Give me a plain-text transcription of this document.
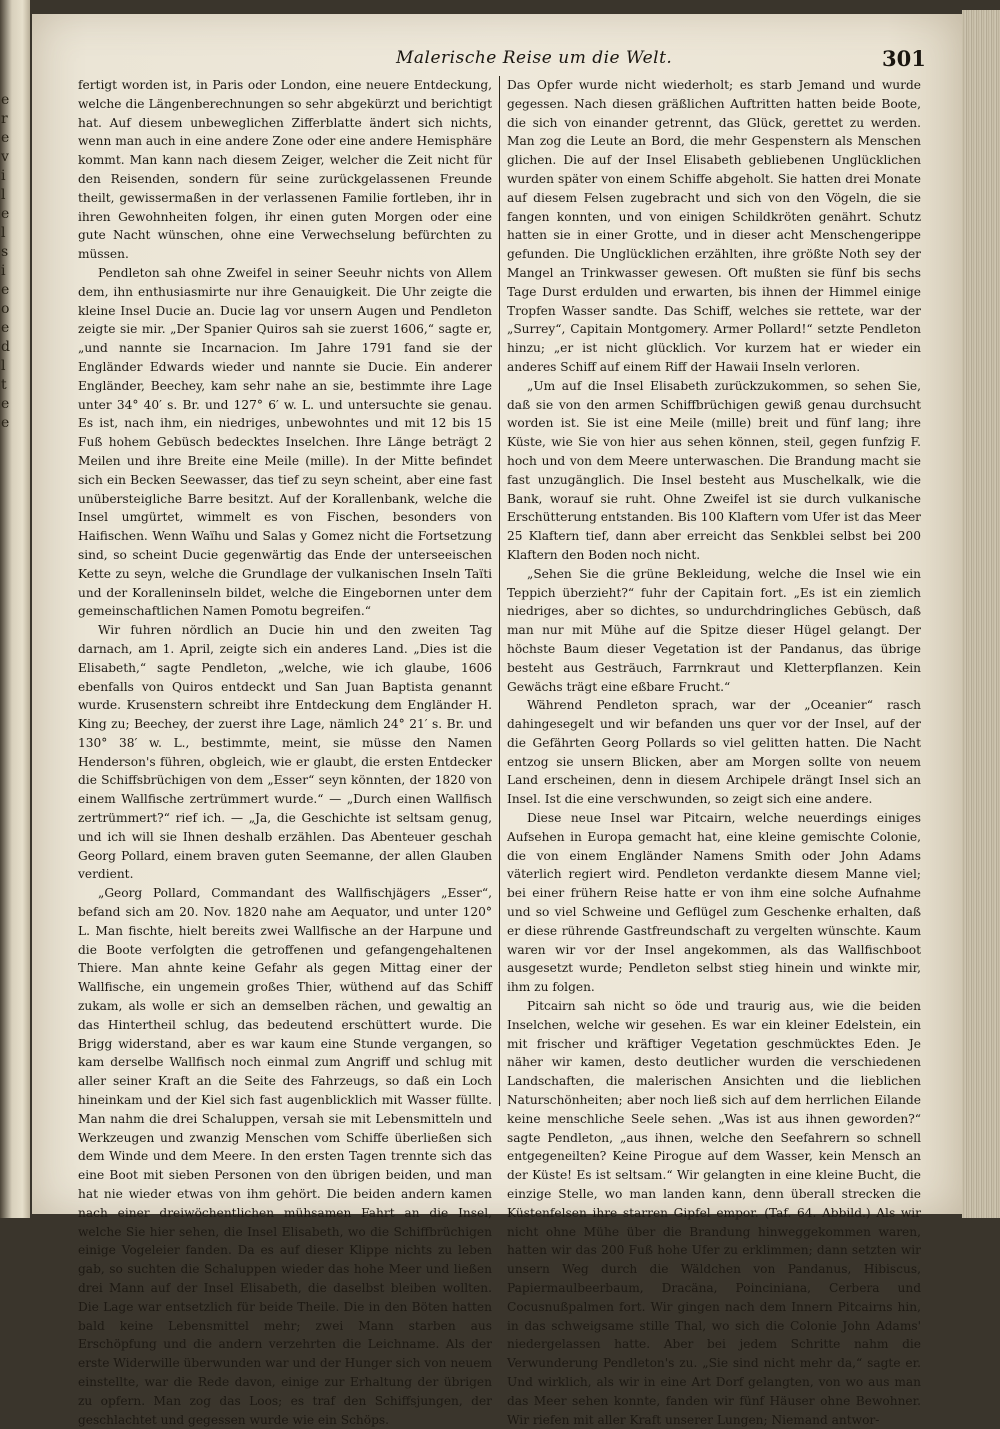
e
r
e
v
i
l
e
l
s
i
e
o
e
d
l
t
e
e
Malerische Reise um die Welt.	301

fertigt worden ist, in Paris oder London, eine neuere Entdeckung, welche die Längenberechnungen so sehr abgekürzt und berichtigt hat. Auf diesem unbeweglichen Zifferblatte ändert sich nichts, wenn man auch in eine andere Zone oder eine andere Hemisphäre kommt. Man kann nach diesem Zeiger, welcher die Zeit nicht für den Reisenden, sondern für seine zurückgelassenen Freunde theilt, gewissermaßen in der verlassenen Familie fortleben, ihr in ihren Gewohnheiten folgen, ihr einen guten Morgen oder eine gute Nacht wünschen, ohne eine Verwechselung befürchten zu müssen.

Pendleton sah ohne Zweifel in seiner Seeuhr nichts von Allem dem, ihn enthusiasmirte nur ihre Genauigkeit. Die Uhr zeigte die kleine Insel Ducie an. Ducie lag vor unsern Augen und Pendleton zeigte sie mir. „Der Spanier Quiros sah sie zuerst 1606,“ sagte er, „und nannte sie Incarnacion. Im Jahre 1791 fand sie der Engländer Edwards wieder und nannte sie Ducie. Ein anderer Engländer, Beechey, kam sehr nahe an sie, bestimmte ihre Lage unter 34° 40′ s. Br. und 127° 6′ w. L. und untersuchte sie genau. Es ist, nach ihm, ein niedriges, unbewohntes und mit 12 bis 15 Fuß hohem Gebüsch bedecktes Inselchen. Ihre Länge beträgt 2 Meilen und ihre Breite eine Meile (mille). In der Mitte befindet sich ein Becken Seewasser, das tief zu seyn scheint, aber eine fast unübersteigliche Barre besitzt. Auf der Korallenbank, welche die Insel umgürtet, wimmelt es von Fischen, besonders von Haifischen. Wenn Waïhu und Salas y Gomez nicht die Fortsetzung sind, so scheint Ducie gegenwärtig das Ende der unterseeischen Kette zu seyn, welche die Grundlage der vulkanischen Inseln Taïti und der Koralleninseln bildet, welche die Eingebornen unter dem gemeinschaftlichen Namen Pomotu begreifen.“

Wir fuhren nördlich an Ducie hin und den zweiten Tag darnach, am 1. April, zeigte sich ein anderes Land. „Dies ist die Elisabeth,“ sagte Pendleton, „welche, wie ich glaube, 1606 ebenfalls von Quiros entdeckt und San Juan Baptista genannt wurde. Krusenstern schreibt ihre Entdeckung dem Engländer H. King zu; Beechey, der zuerst ihre Lage, nämlich 24° 21′ s. Br. und 130° 38′ w. L., bestimmte, meint, sie müsse den Namen Henderson's führen, obgleich, wie er glaubt, die ersten Entdecker die Schiffsbrüchigen von dem „Esser“ seyn könnten, der 1820 von einem Wallfische zertrümmert wurde.“ — „Durch einen Wallfisch zertrümmert?“ rief ich. — „Ja, die Geschichte ist seltsam genug, und ich will sie Ihnen deshalb erzählen. Das Abenteuer geschah Georg Pollard, einem braven guten Seemanne, der allen Glauben verdient.

„Georg Pollard, Commandant des Wallfischjägers „Esser“, befand sich am 20. Nov. 1820 nahe am Aequator, und unter 120° L. Man fischte, hielt bereits zwei Wallfische an der Harpune und die Boote verfolgten die getroffenen und gefangengehaltenen Thiere. Man ahnte keine Gefahr als gegen Mittag einer der Wallfische, ein ungemein großes Thier, wüthend auf das Schiff zukam, als wolle er sich an demselben rächen, und gewaltig an das Hintertheil schlug, das bedeutend erschüttert wurde. Die Brigg widerstand, aber es war kaum eine Stunde vergangen, so kam derselbe Wallfisch noch einmal zum Angriff und schlug mit aller seiner Kraft an die Seite des Fahrzeugs, so daß ein Loch hineinkam und der Kiel sich fast augenblicklich mit Wasser füllte. Man nahm die drei Schaluppen, versah sie mit Lebensmitteln und Werkzeugen und zwanzig Menschen vom Schiffe überließen sich dem Winde und dem Meere. In den ersten Tagen trennte sich das eine Boot mit sieben Personen von den übrigen beiden, und man hat nie wieder etwas von ihm gehört. Die beiden andern kamen nach einer dreiwöchentlichen mühsamen Fahrt an die Insel, welche Sie hier sehen, die Insel Elisabeth, wo die Schiffbrüchigen einige Vogeleier fanden. Da es auf dieser Klippe nichts zu leben gab, so suchten die Schaluppen wieder das hohe Meer und ließen drei Mann auf der Insel Elisabeth, die daselbst bleiben wollten. Die Lage war entsetzlich für beide Theile. Die in den Böten hatten bald keine Lebensmittel mehr; zwei Mann starben aus Erschöpfung und die andern verzehrten die Leichname. Als der erste Widerwille überwunden war und der Hunger sich von neuem einstellte, war die Rede davon, einige zur Erhaltung der übrigen zu opfern. Man zog das Loos; es traf den Schiffsjungen, der geschlachtet und gegessen wurde wie ein Schöps.

Das Opfer wurde nicht wiederholt; es starb Jemand und wurde gegessen. Nach diesen gräßlichen Auftritten hatten beide Boote, die sich von einander getrennt, das Glück, gerettet zu werden. Man zog die Leute an Bord, die mehr Gespenstern als Menschen glichen. Die auf der Insel Elisabeth gebliebenen Unglücklichen wurden später von einem Schiffe abgeholt. Sie hatten drei Monate auf diesem Felsen zugebracht und sich von den Vögeln, die sie fangen konnten, und von einigen Schildkröten genährt. Schutz hatten sie in einer Grotte, und in dieser acht Menschengerippe gefunden. Die Unglücklichen erzählten, ihre größte Noth sey der Mangel an Trinkwasser gewesen. Oft mußten sie fünf bis sechs Tage Durst erdulden und erwarten, bis ihnen der Himmel einige Tropfen Wasser sandte. Das Schiff, welches sie rettete, war der „Surrey“, Capitain Montgomery. Armer Pollard!“ setzte Pendleton hinzu; „er ist nicht glücklich. Vor kurzem hat er wieder ein anderes Schiff auf einem Riff der Hawaii Inseln verloren.

„Um auf die Insel Elisabeth zurückzukommen, so sehen Sie, daß sie von den armen Schiffbrüchigen gewiß genau durchsucht worden ist. Sie ist eine Meile (mille) breit und fünf lang; ihre Küste, wie Sie von hier aus sehen können, steil, gegen funfzig F. hoch und von dem Meere unterwaschen. Die Brandung macht sie fast unzugänglich. Die Insel besteht aus Muschelkalk, wie die Bank, worauf sie ruht. Ohne Zweifel ist sie durch vulkanische Erschütterung entstanden. Bis 100 Klaftern vom Ufer ist das Meer 25 Klaftern tief, dann aber erreicht das Senkblei selbst bei 200 Klaftern den Boden noch nicht.

„Sehen Sie die grüne Bekleidung, welche die Insel wie ein Teppich überzieht?“ fuhr der Capitain fort. „Es ist ein ziemlich niedriges, aber so dichtes, so undurchdringliches Gebüsch, daß man nur mit Mühe auf die Spitze dieser Hügel gelangt. Der höchste Baum dieser Vegetation ist der Pandanus, das übrige besteht aus Gesträuch, Farrnkraut und Kletterpflanzen. Kein Gewächs trägt eine eßbare Frucht.“

Während Pendleton sprach, war der „Oceanier“ rasch dahingesegelt und wir befanden uns quer vor der Insel, auf der die Gefährten Georg Pollards so viel gelitten hatten. Die Nacht entzog sie unsern Blicken, aber am Morgen sollte von neuem Land erscheinen, denn in diesem Archipele drängt Insel sich an Insel. Ist die eine verschwunden, so zeigt sich eine andere.

Diese neue Insel war Pitcairn, welche neuerdings einiges Aufsehen in Europa gemacht hat, eine kleine gemischte Colonie, die von einem Engländer Namens Smith oder John Adams väterlich regiert wird. Pendleton verdankte diesem Manne viel; bei einer frühern Reise hatte er von ihm eine solche Aufnahme und so viel Schweine und Geflügel zum Geschenke erhalten, daß er diese rührende Gastfreundschaft zu vergelten wünschte. Kaum waren wir vor der Insel angekommen, als das Wallfischboot ausgesetzt wurde; Pendleton selbst stieg hinein und winkte mir, ihm zu folgen.

Pitcairn sah nicht so öde und traurig aus, wie die beiden Inselchen, welche wir gesehen. Es war ein kleiner Edelstein, ein mit frischer und kräftiger Vegetation geschmücktes Eden. Je näher wir kamen, desto deutlicher wurden die verschiedenen Landschaften, die malerischen Ansichten und die lieblichen Naturschönheiten; aber noch ließ sich auf dem herrlichen Eilande keine menschliche Seele sehen. „Was ist aus ihnen geworden?“ sagte Pendleton, „aus ihnen, welche den Seefahrern so schnell entgegeneilten? Keine Pirogue auf dem Wasser, kein Mensch an der Küste! Es ist seltsam.“ Wir gelangten in eine kleine Bucht, die einzige Stelle, wo man landen kann, denn überall strecken die Küstenfelsen ihre starren Gipfel empor. (Taf. 64. Abbild.) Als wir nicht ohne Mühe über die Brandung hinweggekommen waren, hatten wir das 200 Fuß hohe Ufer zu erklimmen; dann setzten wir unsern Weg durch die Wäldchen von Pandanus, Hibiscus, Papiermaulbeerbaum, Dracäna, Poinciniana, Cerbera und Cocusnußpalmen fort. Wir gingen nach dem Innern Pitcairns hin, in das schweigsame stille Thal, wo sich die Colonie John Adams' niedergelassen hatte. Aber bei jedem Schritte nahm die Verwunderung Pendleton's zu. „Sie sind nicht mehr da,“ sagte er. Und wirklich, als wir in eine Art Dorf gelangten, von wo aus man das Meer sehen konnte, fanden wir fünf Häuser ohne Bewohner. Wir riefen mit aller Kraft unserer Lungen; Niemand antwor-
